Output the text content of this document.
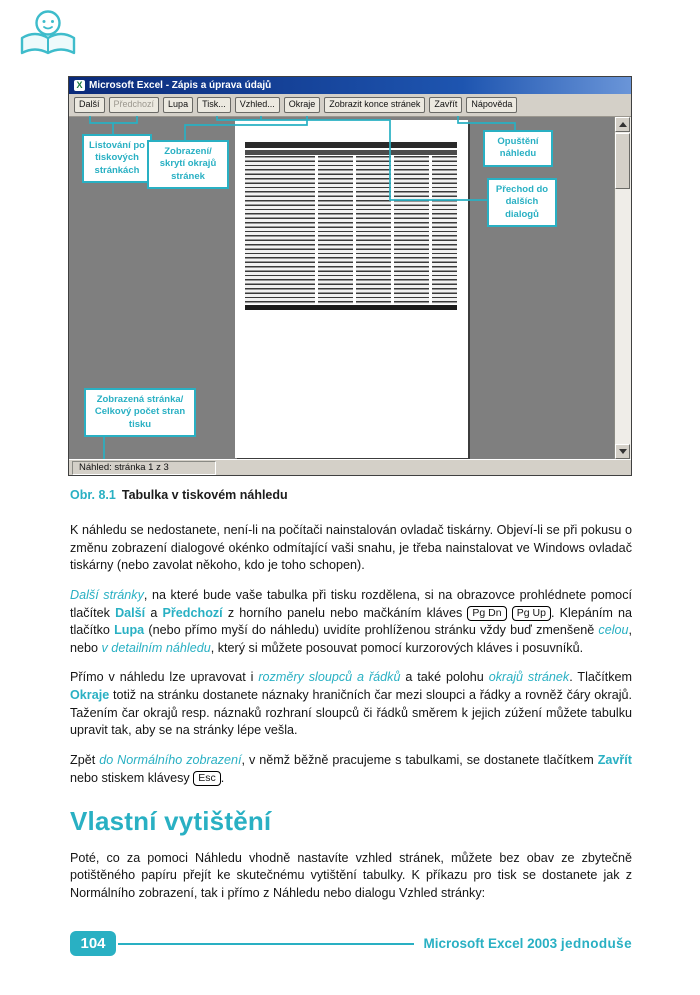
X Microsoft Excel - Zápis a úprava údajů
Další	Předchozí	Lupa	Tisk...	Vzhled...	Okraje	Zobrazit konce stránek	Zavřít	Nápověda
Náhled: stránka 1 z 3
Listování po tiskových stránkách
Zobrazení/ skrytí okrajů stránek
Opuštění náhledu
Přechod do dalších dialogů
Zobrazená stránka/ Celkový počet stran tisku
Obr. 8.1 Tabulka v tiskovém náhledu

K náhledu se nedostanete, není-li na počítači nainstalován ovladač tiskárny. Objeví-li se při pokusu o změnu zobrazení dialogové okénko odmítající vaši snahu, je třeba nainstalovat ve Windows ovladač tiskárny (nebo zavolat někoho, kdo je toho schopen).

Další stránky, na které bude vaše tabulka při tisku rozdělena, si na obrazovce prohlédnete pomocí tlačítek Další a Předchozí z horního panelu nebo mačkáním kláves Pg Dn Pg Up . Klepáním na tlačítko Lupa (nebo přímo myší do náhledu) uvidíte prohlíženou stránku vždy buď zmenšeně celou, nebo v detailním náhledu, který si můžete posouvat pomocí kurzorových kláves i posuvníků.

Přímo v náhledu lze upravovat i rozměry sloupců a řádků a také polohu okrajů stránek. Tlačítkem Okraje totiž na stránku dostanete náznaky hraničních čar mezi sloupci a řádky a rovněž čáry okrajů. Tažením čar okrajů resp. náznaků rozhraní sloupců či řádků směrem k jejich zúžení můžete tabulku upravit tak, aby se na stránky lépe vešla.

Zpět do Normálního zobrazení, v němž běžně pracujeme s tabulkami, se dostanete tlačítkem Zavřít nebo stiskem klávesy Esc .

Vlastní vytištění

Poté, co za pomoci Náhledu vhodně nastavíte vzhled stránek, můžete bez obav ze zbytečně potištěného papíru přejít ke skutečnému vytištění tabulky. K příkazu pro tisk se dostanete jak z Normálního zobrazení, tak i přímo z Náhledu nebo dialogu Vzhled stránky:

104	Microsoft Excel 2003 jednoduše
